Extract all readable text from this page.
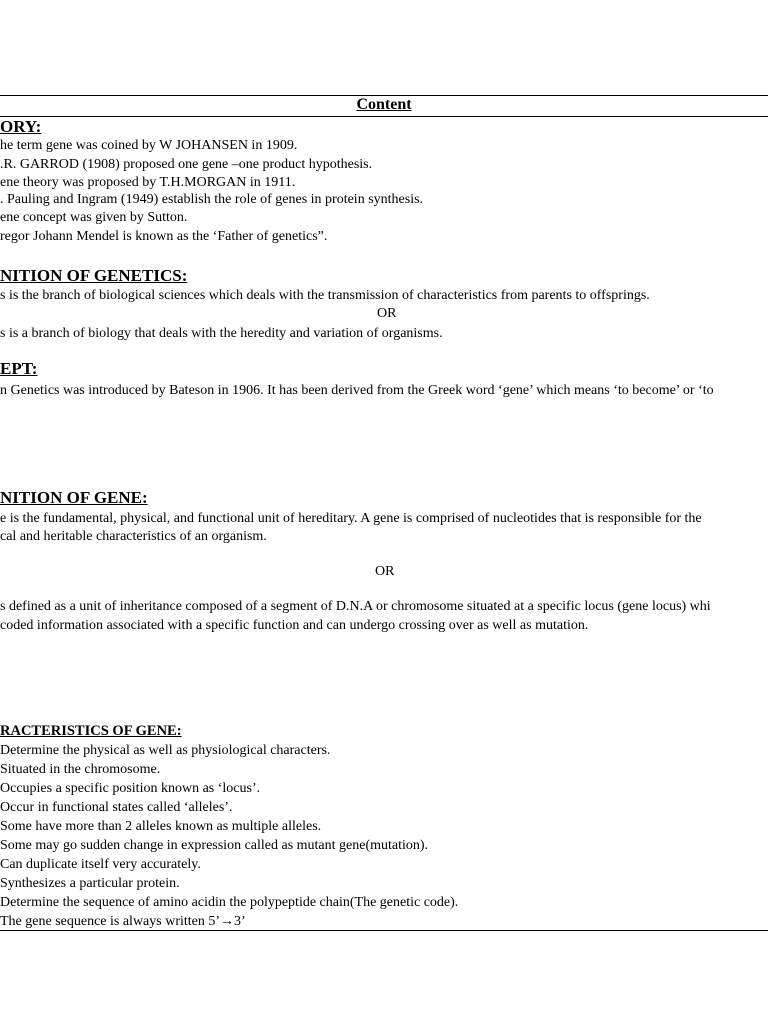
Content
ORY:
he term gene was coined by W JOHANSEN in 1909.
.R. GARROD (1908) proposed one gene –one product hypothesis.
ene theory was proposed by T.H.MORGAN in 1911.
. Pauling and Ingram (1949) establish the role of genes in protein synthesis.
ene concept was given by Sutton.
regor Johann Mendel is known as the ‘Father of genetics”.
NITION OF GENETICS:
s is the branch of biological sciences which deals with the transmission of characteristics from parents to offsprings.
OR
s is a branch of biology that deals with the heredity and variation of organisms.
EPT:
n Genetics was introduced by Bateson in 1906. It has been derived from the Greek word ‘gene’ which means ‘to become’ or ‘to
NITION OF GENE:
e is the fundamental, physical, and functional unit of hereditary. A gene is comprised of nucleotides that is responsible for the
cal and heritable characteristics of an organism.
OR
s defined as a unit of inheritance composed of a segment of D.N.A or chromosome situated at a specific locus (gene locus) whi
coded information associated with a specific function and can undergo crossing over as well as mutation.
RACTERISTICS OF GENE:
Determine the physical as well as physiological characters.
Situated in the chromosome.
Occupies a specific position known as ‘locus’.
Occur in functional states called ‘alleles’.
Some have more than 2 alleles known as multiple alleles.
Some may go sudden change in expression called as mutant gene(mutation).
Can duplicate itself very accurately.
Synthesizes a particular protein.
Determine the sequence of amino acidin the polypeptide chain(The genetic code).
The gene sequence is always written 5’→3’
